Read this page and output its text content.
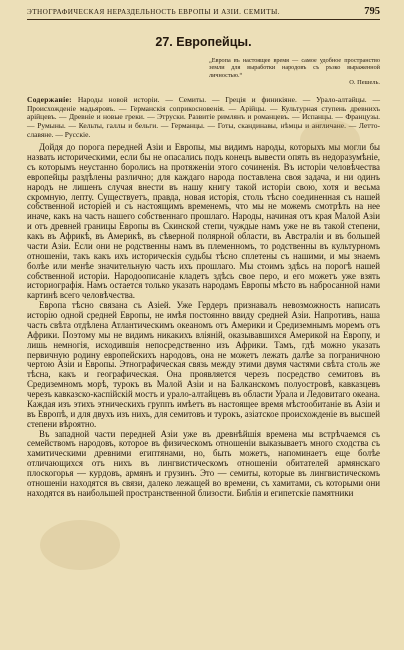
ЭТНОГРАФИЧЕСКАЯ НЕРАЗДЕЛЬНОСТЬ ЕВРОПЫ И АЗІИ. СЕМИТЫ.	795
27. Европейцы.
„Европа въ настоящее время — самое удобное пространство земли для выработки народовъ съ ръзко выраженной личностью.“
О. Пешель.
Содержаніе: Народы новой исторіи. — Семиты. — Греція и финикіяне. — Урало-алтайцы. — Происхожденіе мадьяровъ. — Германскія соприкосновенія. — Арійцы. — Культурная ступень древнихъ арійцевъ. — Древніе и новые греки. — Этруски. Развитіе римлянъ и романцевъ. — Испанцы. — Французы. — Румыны. — Кельты, галлы и бельги. — Германцы. — Готы, скандинавы, нѣмцы и англичане. — Летто-славяне. — Русскіе.

Дойдя до порога передней Азіи и Европы, мы видимъ народы, которыхъ мы могли бы назвать историческими, если бы не опасались подъ конецъ вывести опять въ недоразумѣніе, съ которымъ неустанно боролись на протяженіи этого сочиненія. Въ исторіи человѣчества европейцы раздѣлены различно; для каждаго народа поставлена своя задача, и ни одинъ народъ не лишенъ случая внести въ нашу книгу такой исторіи свою, хотя и весьма скромную, лепту. Существуетъ, правда, новая исторія, столь тѣсно соединенная съ нашей собственной исторіей и съ настоящимъ временемъ, что мы не можемъ смотрѣть на нее иначе, какъ на часть нашего собственнаго прошлаго. Народы, начиная отъ края Малой Азіи и отъ древней границы Европы въ Скинской степи, чуждые намъ уже не въ такой степени, какъ въ Африкѣ, въ Америкѣ, въ сѣверной полярной области, въ Австраліи и въ большей части Азіи. Если они не родственны намъ въ племенномъ, то родственны въ культурномъ отношеніи, такъ какъ ихъ историческія судьбы тѣсно сплетены съ нашими, и мы знаемъ болѣе или менѣе значительную часть ихъ прошлаго. Мы стоимъ здѣсь на порогѣ нашей собственной исторіи. Народоописаніе кладетъ здѣсь свое перо, и его можетъ уже взять историографія. Намъ остается только указать народамъ Европы мѣсто въ набросанной нами картинѣ всего человѣчества.

Европа тѣсно связана съ Азіей. Уже Гердеръ признавалъ невозможность написать исторію одной средней Европы, не имѣя постоянно ввиду средней Азіи. Напротивъ, наша часть свѣта отдѣлена Атлантическимъ океаномъ отъ Америки и Средиземнымъ моремъ отъ Африки. Поэтому мы не видимъ никакихъ вліяній, оказывавшихся Америкой на Европу, и лишь немногія, исходившія непосредственно изъ Африки. Тамъ, гдѣ можно указать первичную родину европейскихъ народовъ, она не можетъ лежать далѣе за пограничною чертою Азіи и Европы. Этнографическая связь между этими двумя частями свѣта столь же тѣсна, какъ и географическая. Она проявляется черезъ посредство семитовъ въ Средиземномъ морѣ, турокъ въ Малой Азіи и на Балканскомъ полуостровѣ, кавказцевъ черезъ кавказско-каспійскій мостъ и урало-алтайцевъ въ области Урала и Ледовитаго океана. Каждая изъ этихъ этническихъ группъ имѣетъ въ настоящее время мѣстообитаніе въ Азіи и въ Европѣ, и для двухъ изъ нихъ, для семитовъ и турокъ, азіатское происхожденіе въ высшей степени вѣроятно.

Въ западной части передней Азіи уже въ древнѣйшія времена мы встрѣчаемся съ семействомъ народовъ, которое въ физическомъ отношеніи выказываетъ много сходства съ хамитическими древними египтянами, но, быть можетъ, напоминаетъ еще болѣе отличающихся отъ нихъ въ лингвистическомъ отношеніи обитателей армянскаго плоскогорья — курдовъ, армянъ и грузинъ. Это — семиты, которые въ лингвистическомъ отношеніи находятся въ связи, далеко лежащей во времени, съ хамитами, съ которыми они находятся въ наибольшей пространственной близости. Библія и египетскіе памятники
